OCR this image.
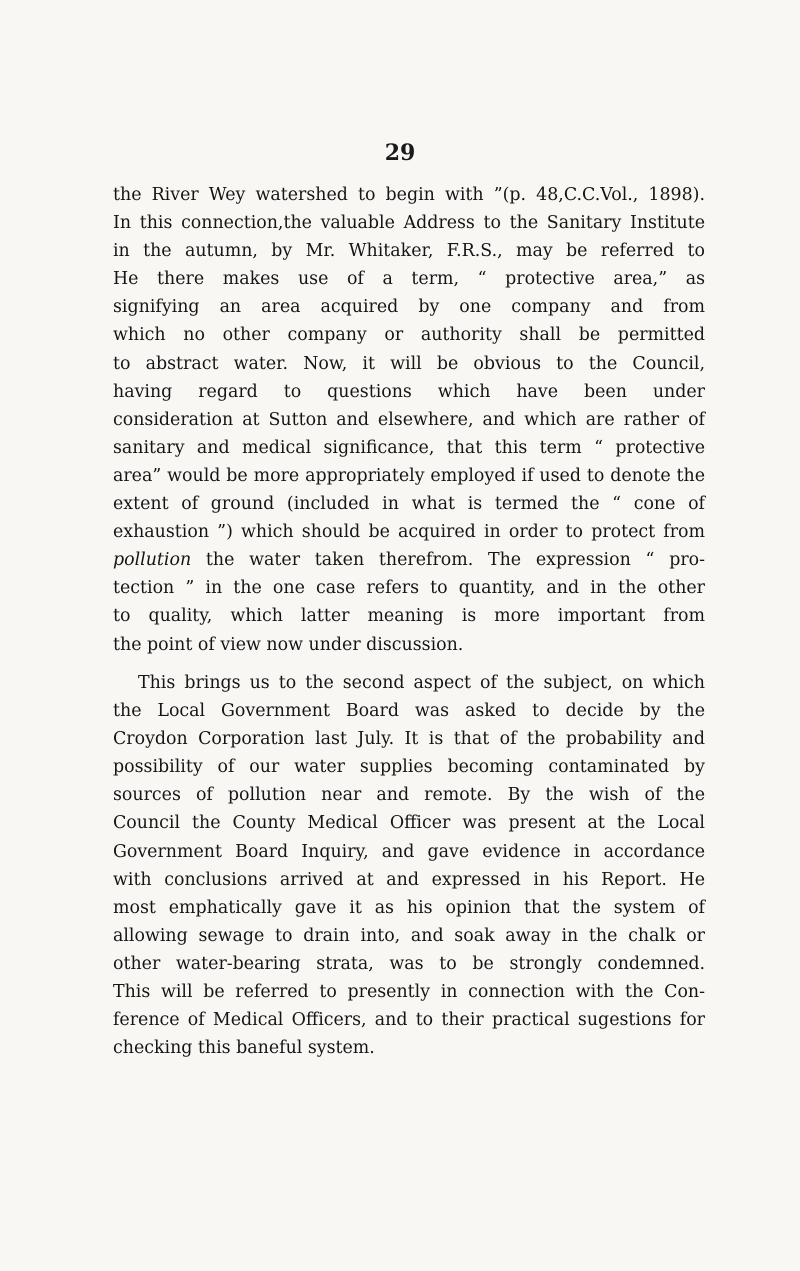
29
the River Wey watershed to begin with ”(p. 48,C.C.Vol., 1898).
In this connection,the valuable Address to the Sanitary Institute
in the autumn, by Mr. Whitaker, F.R.S., may be referred to
He there makes use of a term, “ protective area,” as
signifying an area acquired by one company and from
which no other company or authority shall be permitted
to abstract water. Now, it will be obvious to the Council,
having regard to questions which have been under
consideration at Sutton and elsewhere, and which are rather of
sanitary and medical significance, that this term “ protective
area” would be more appropriately employed if used to denote the
extent of ground (included in what is termed the “ cone of
exhaustion ”) which should be acquired in order to protect from
pollution the water taken therefrom. The expression “ pro-
tection ” in the one case refers to quantity, and in the other
to quality, which latter meaning is more important from
the point of view now under discussion.
This brings us to the second aspect of the subject, on which
the Local Government Board was asked to decide by the
Croydon Corporation last July. It is that of the probability and
possibility of our water supplies becoming contaminated by
sources of pollution near and remote. By the wish of the
Council the County Medical Officer was present at the Local
Government Board Inquiry, and gave evidence in accordance
with conclusions arrived at and expressed in his Report. He
most emphatically gave it as his opinion that the system of
allowing sewage to drain into, and soak away in the chalk or
other water-bearing strata, was to be strongly condemned.
This will be referred to presently in connection with the Con-
ference of Medical Officers, and to their practical sugestions for
checking this baneful system.
